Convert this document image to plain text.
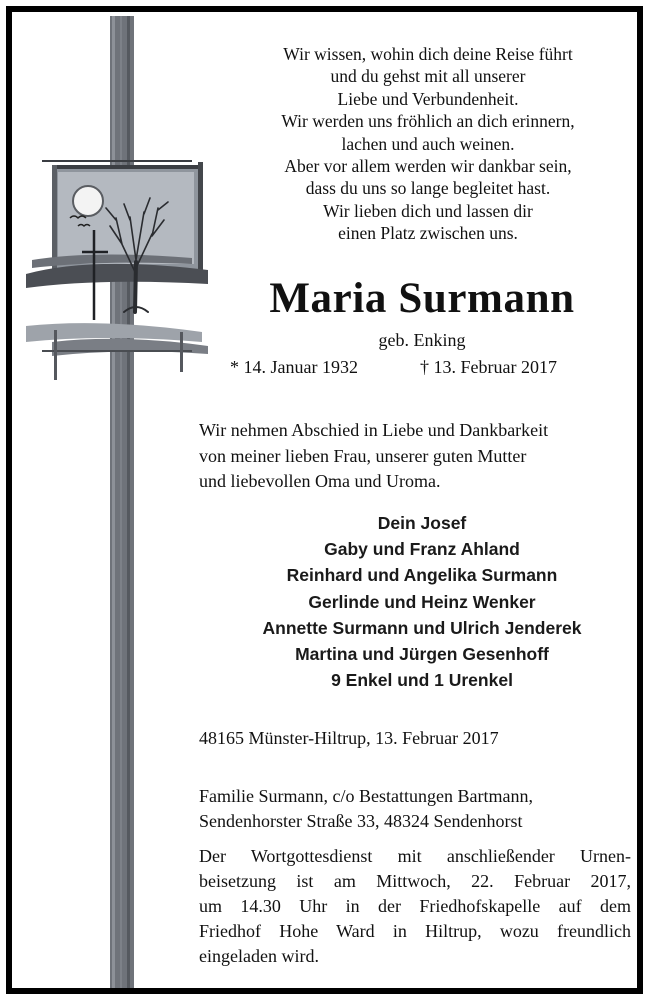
Wir wissen, wohin dich deine Reise führt
und du gehst mit all unserer
Liebe und Verbundenheit.
Wir werden uns fröhlich an dich erinnern,
lachen und auch weinen.
Aber vor allem werden wir dankbar sein,
dass du uns so lange begleitet hast.
Wir lieben dich und lassen dir
einen Platz zwischen uns.
Maria Surmann
geb. Enking
* 14. Januar 1932	† 13. Februar 2017
Wir nehmen Abschied in Liebe und Dankbarkeit
von meiner lieben Frau, unserer guten Mutter
und liebevollen Oma und Uroma.
Dein Josef
Gaby und Franz Ahland
Reinhard und Angelika Surmann
Gerlinde und Heinz Wenker
Annette Surmann und Ulrich Jenderek
Martina und Jürgen Gesenhoff
9 Enkel und 1 Urenkel
48165 Münster-Hiltrup, 13. Februar 2017
Familie Surmann, c/o Bestattungen Bartmann,
Sendenhorster Straße 33, 48324 Sendenhorst
Der Wortgottesdienst mit anschließender Urnen-
beisetzung ist am Mittwoch, 22. Februar 2017,
um 14.30 Uhr in der Friedhofskapelle auf dem
Friedhof Hohe Ward in Hiltrup, wozu freundlich
eingeladen wird.
